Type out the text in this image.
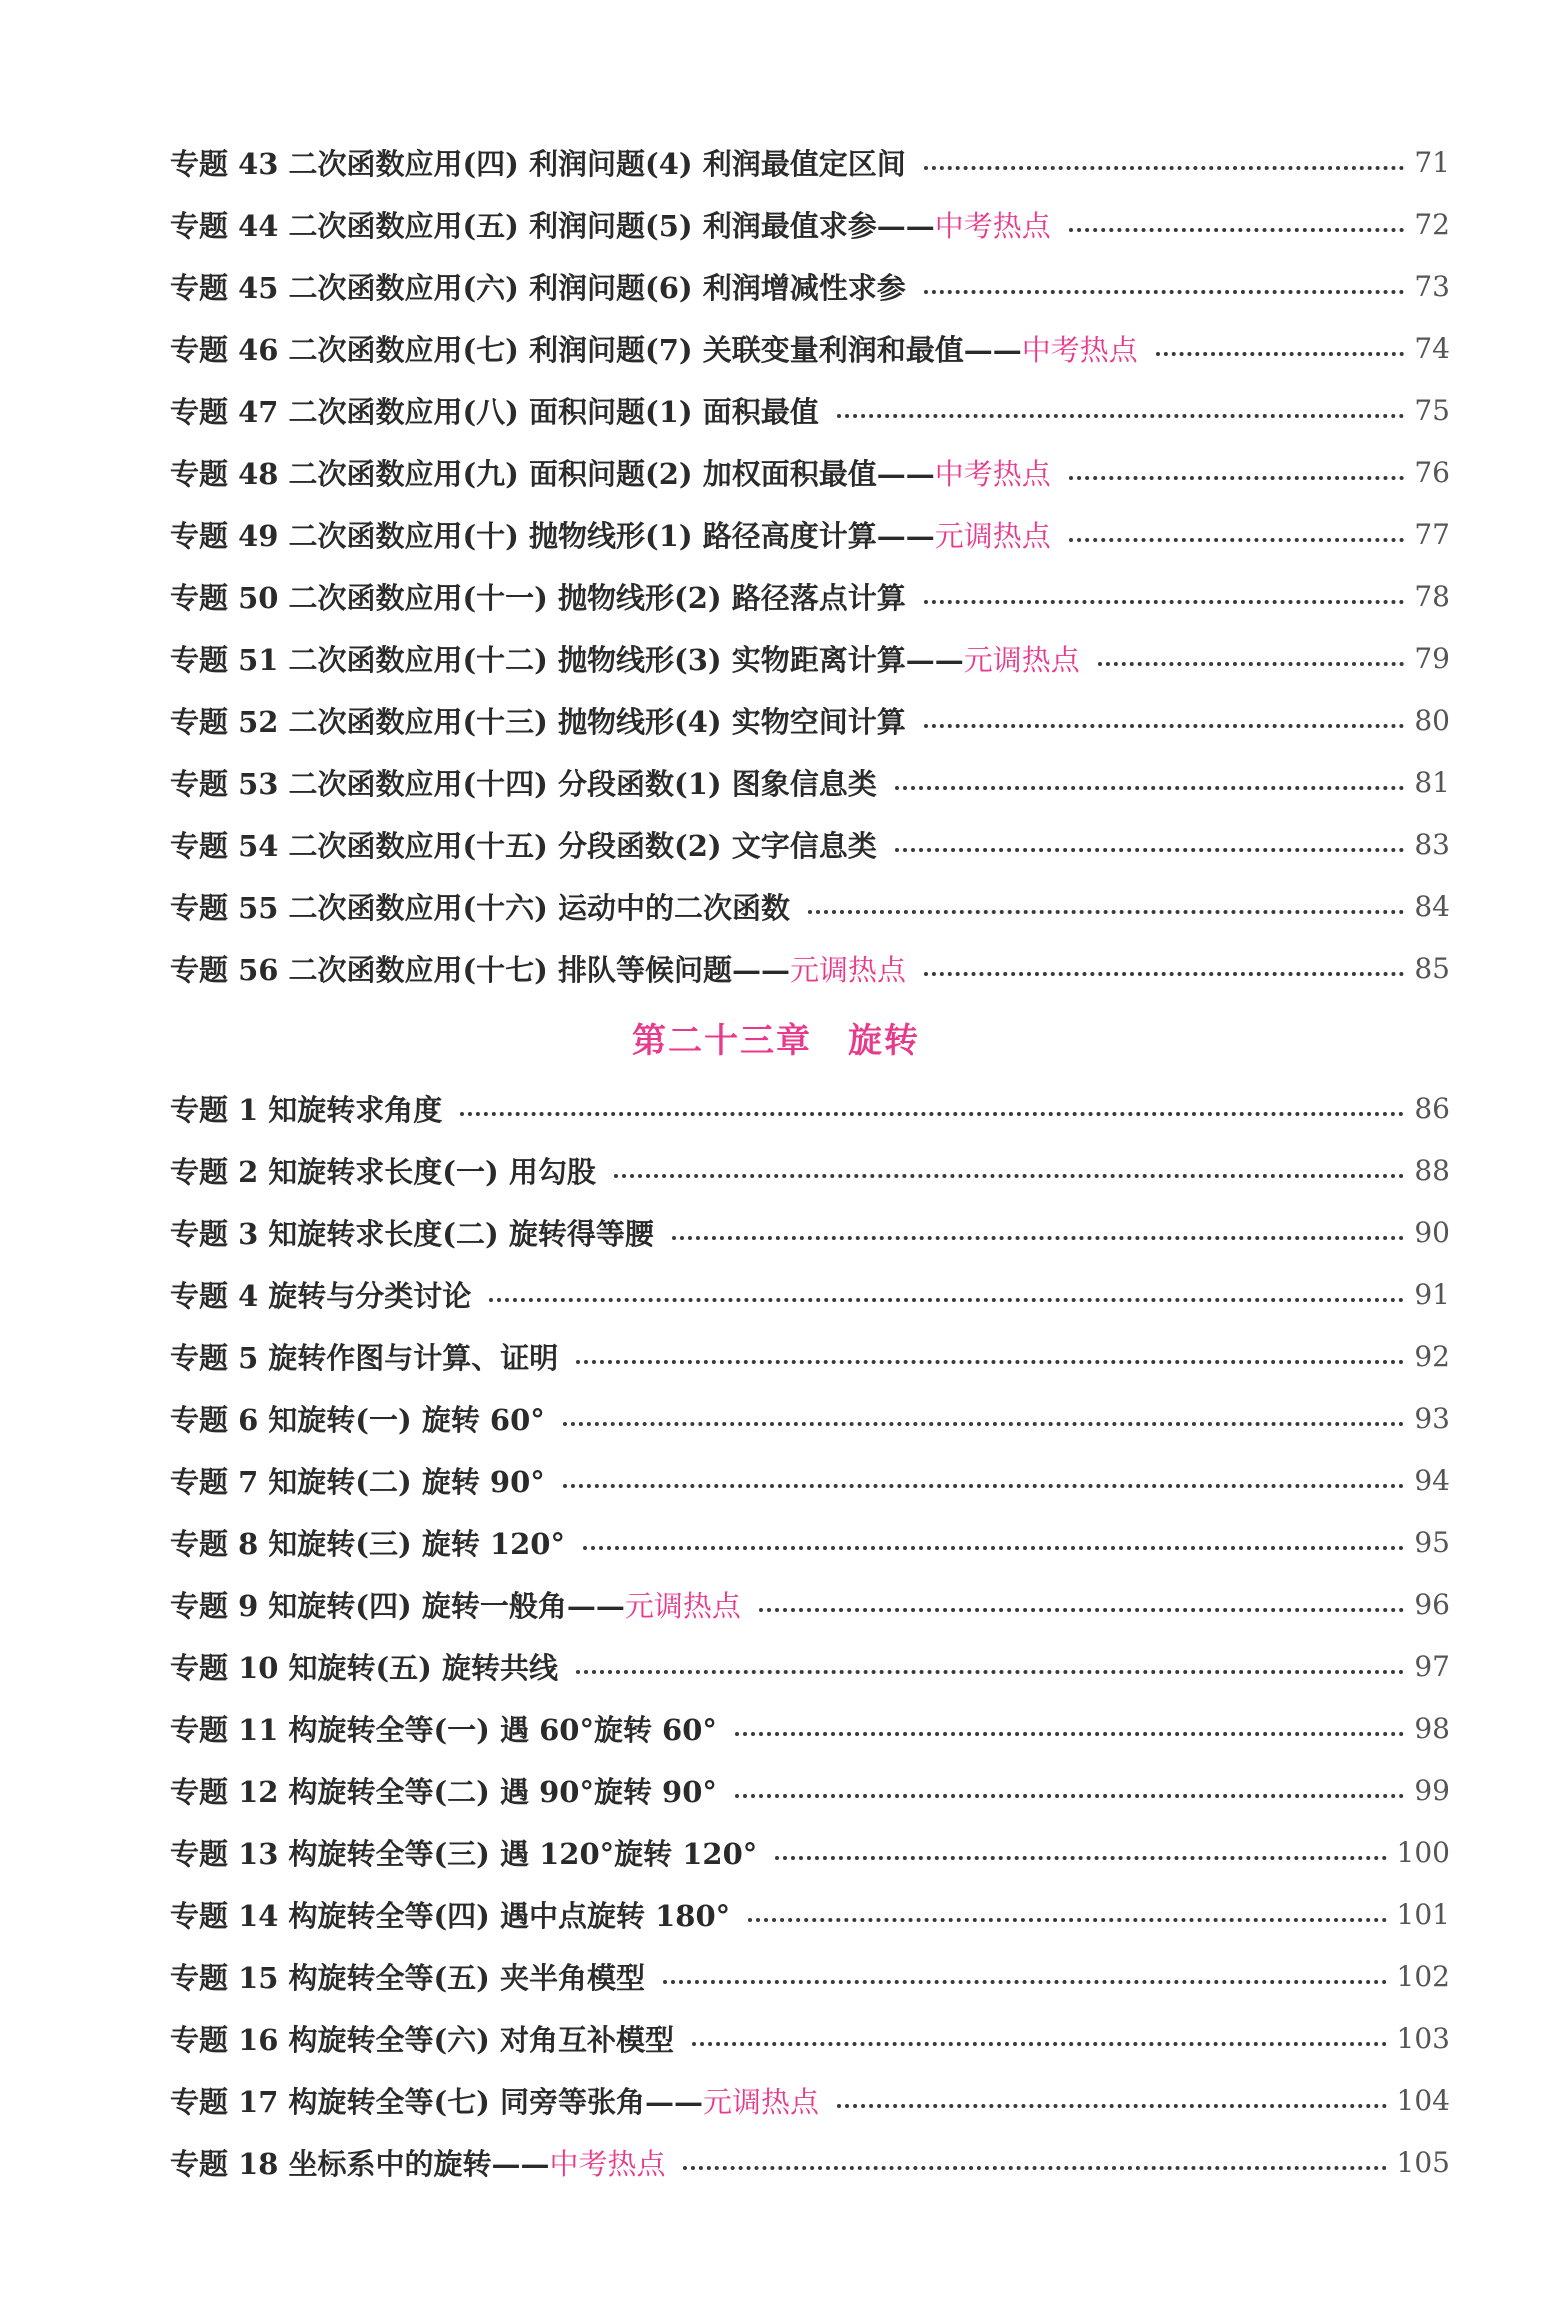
专题 43 二次函数应用(四) 利润问题(4) 利润最值定区间	71
专题 44 二次函数应用(五) 利润问题(5) 利润最值求参——中考热点	72
专题 45 二次函数应用(六) 利润问题(6) 利润增减性求参	73
专题 46 二次函数应用(七) 利润问题(7) 关联变量利润和最值——中考热点	74
专题 47 二次函数应用(八) 面积问题(1) 面积最值	75
专题 48 二次函数应用(九) 面积问题(2) 加权面积最值——中考热点	76
专题 49 二次函数应用(十) 抛物线形(1) 路径高度计算——元调热点	77
专题 50 二次函数应用(十一) 抛物线形(2) 路径落点计算	78
专题 51 二次函数应用(十二) 抛物线形(3) 实物距离计算——元调热点	79
专题 52 二次函数应用(十三) 抛物线形(4) 实物空间计算	80
专题 53 二次函数应用(十四) 分段函数(1) 图象信息类	81
专题 54 二次函数应用(十五) 分段函数(2) 文字信息类	83
专题 55 二次函数应用(十六) 运动中的二次函数	84
专题 56 二次函数应用(十七) 排队等候问题——元调热点	85
第二十三章　旋转
专题 1 知旋转求角度	86
专题 2 知旋转求长度(一) 用勾股	88
专题 3 知旋转求长度(二) 旋转得等腰	90
专题 4 旋转与分类讨论	91
专题 5 旋转作图与计算、证明	92
专题 6 知旋转(一) 旋转 60°	93
专题 7 知旋转(二) 旋转 90°	94
专题 8 知旋转(三) 旋转 120°	95
专题 9 知旋转(四) 旋转一般角——元调热点	96
专题 10 知旋转(五) 旋转共线	97
专题 11 构旋转全等(一) 遇 60°旋转 60°	98
专题 12 构旋转全等(二) 遇 90°旋转 90°	99
专题 13 构旋转全等(三) 遇 120°旋转 120°	100
专题 14 构旋转全等(四) 遇中点旋转 180°	101
专题 15 构旋转全等(五) 夹半角模型	102
专题 16 构旋转全等(六) 对角互补模型	103
专题 17 构旋转全等(七) 同旁等张角——元调热点	104
专题 18 坐标系中的旋转——中考热点	105
